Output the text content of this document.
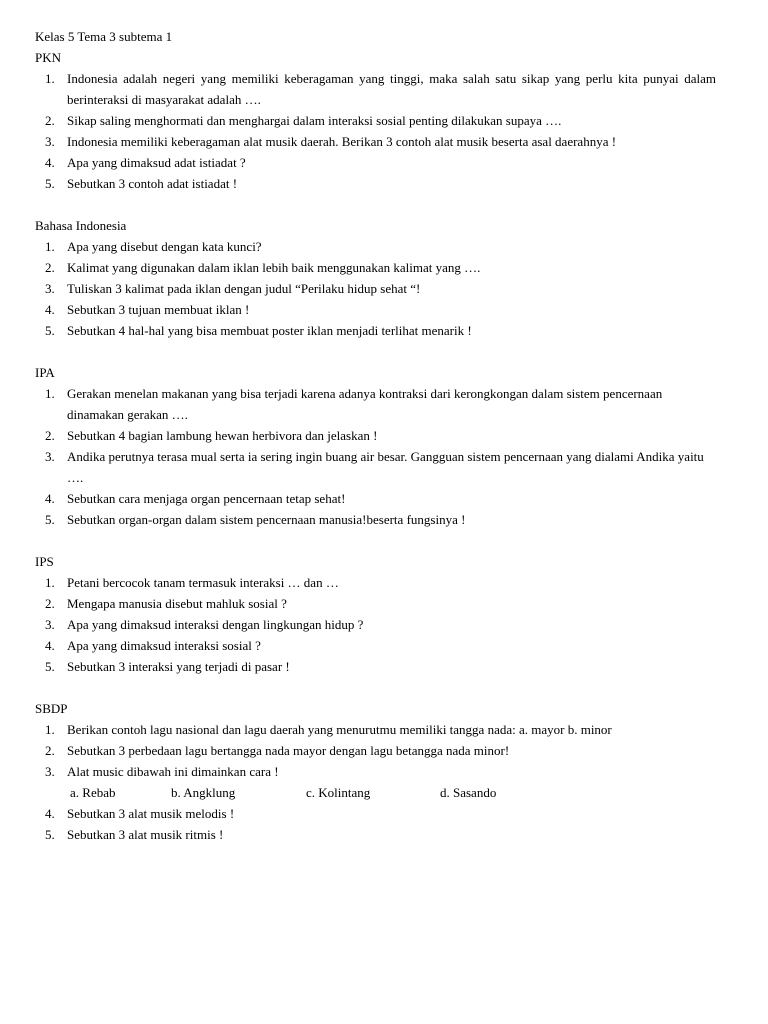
Kelas 5 Tema 3 subtema 1
PKN
1. Indonesia adalah negeri yang memiliki keberagaman yang tinggi, maka salah satu sikap yang perlu kita punyai dalam berinteraksi di masyarakat adalah ….
2. Sikap saling menghormati dan menghargai dalam interaksi sosial penting dilakukan supaya ….
3. Indonesia memiliki keberagaman alat musik daerah. Berikan 3 contoh alat musik beserta asal daerahnya !
4. Apa yang dimaksud adat istiadat ?
5. Sebutkan 3 contoh adat istiadat !
Bahasa Indonesia
1. Apa yang disebut dengan kata kunci?
2. Kalimat yang digunakan dalam iklan lebih baik menggunakan kalimat yang ….
3. Tuliskan 3 kalimat pada iklan dengan judul “Perilaku hidup sehat “!
4. Sebutkan 3 tujuan membuat iklan !
5. Sebutkan 4 hal-hal yang bisa membuat poster iklan menjadi terlihat menarik !
IPA
1. Gerakan menelan makanan yang bisa terjadi karena adanya kontraksi dari kerongkongan dalam sistem pencernaan dinamakan gerakan ….
2. Sebutkan 4 bagian lambung hewan herbivora dan jelaskan !
3. Andika perutnya terasa mual serta ia sering ingin buang air besar. Gangguan sistem pencernaan yang dialami Andika yaitu ….
4. Sebutkan cara menjaga organ pencernaan tetap sehat!
5. Sebutkan organ-organ dalam sistem pencernaan manusia!beserta fungsinya !
IPS
1. Petani bercocok tanam termasuk interaksi … dan …
2. Mengapa manusia disebut mahluk sosial ?
3. Apa yang dimaksud interaksi dengan lingkungan hidup ?
4. Apa yang dimaksud interaksi sosial ?
5. Sebutkan 3 interaksi yang terjadi di pasar !
SBDP
1. Berikan contoh lagu nasional dan lagu daerah yang menurutmu memiliki tangga nada: a. mayor b. minor
2. Sebutkan 3 perbedaan lagu bertangga nada mayor dengan lagu betangga nada minor!
3. Alat music dibawah ini dimainkan cara !
a. Rebab	b. Angklung	c. Kolintang	d. Sasando
4. Sebutkan 3 alat musik melodis !
5. Sebutkan 3 alat musik ritmis !
